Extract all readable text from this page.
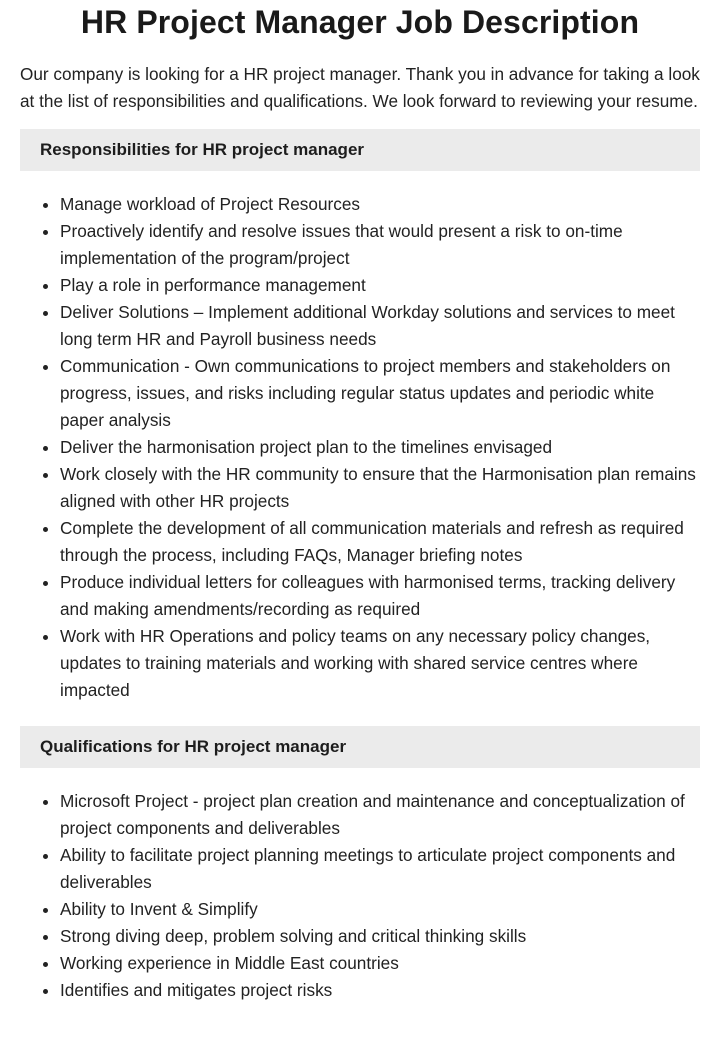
HR Project Manager Job Description

Our company is looking for a HR project manager. Thank you in advance for taking a look at the list of responsibilities and qualifications. We look forward to reviewing your resume.

Responsibilities for HR project manager
• Manage workload of Project Resources
• Proactively identify and resolve issues that would present a risk to on-time implementation of the program/project
• Play a role in performance management
• Deliver Solutions – Implement additional Workday solutions and services to meet long term HR and Payroll business needs
• Communication - Own communications to project members and stakeholders on progress, issues, and risks including regular status updates and periodic white paper analysis
• Deliver the harmonisation project plan to the timelines envisaged
• Work closely with the HR community to ensure that the Harmonisation plan remains aligned with other HR projects
• Complete the development of all communication materials and refresh as required through the process, including FAQs, Manager briefing notes
• Produce individual letters for colleagues with harmonised terms, tracking delivery and making amendments/recording as required
• Work with HR Operations and policy teams on any necessary policy changes, updates to training materials and working with shared service centres where impacted
Qualifications for HR project manager
• Microsoft Project - project plan creation and maintenance and conceptualization of project components and deliverables
• Ability to facilitate project planning meetings to articulate project components and deliverables
• Ability to Invent & Simplify
• Strong diving deep, problem solving and critical thinking skills
• Working experience in Middle East countries
• Identifies and mitigates project risks
